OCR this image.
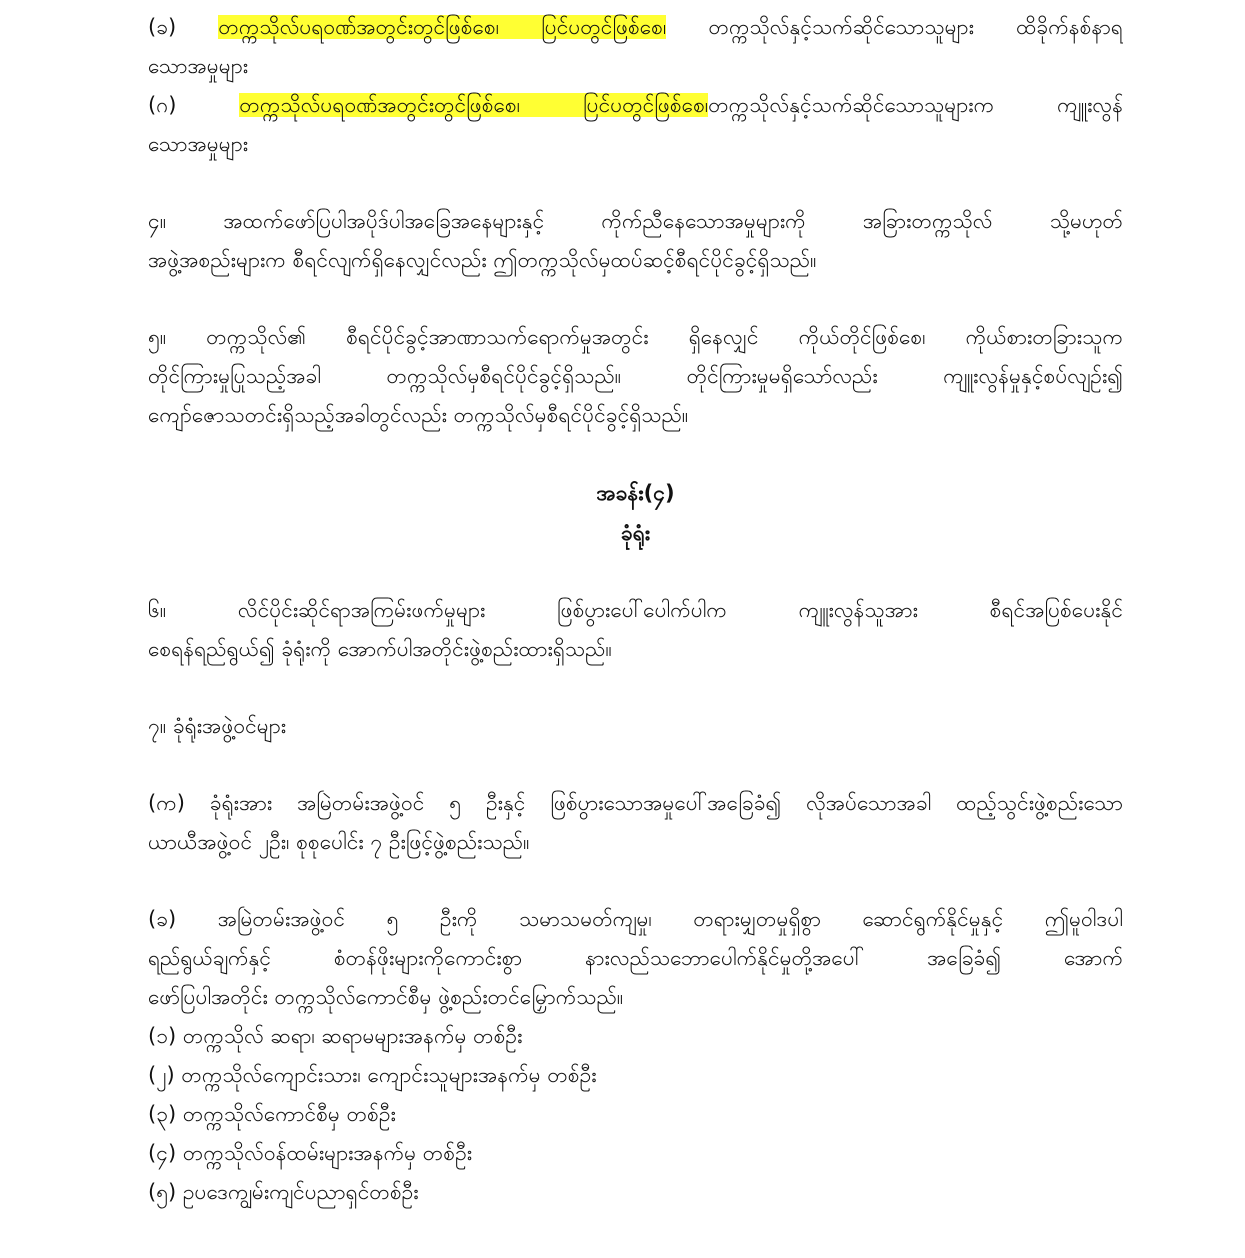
(ခ) တက္ကသိုလ်ပရဝဏ်အတွင်းတွင်ဖြစ်စေ၊ ပြင်ပတွင်ဖြစ်စေ၊ တက္ကသိုလ်နှင့်သက်ဆိုင်သောသူများ ထိခိုက်နစ်နာရ
သောအမှုများ
(ဂ) တက္ကသိုလ်ပရဝဏ်အတွင်းတွင်ဖြစ်စေ၊ ပြင်ပတွင်ဖြစ်စေ၊တက္ကသိုလ်နှင့်သက်ဆိုင်သောသူများက ကျူးလွန်
သောအမှုများ
၄။ အထက်ဖော်ပြပါအပိုဒ်ပါအခြေအနေများနှင့် ကိုက်ညီနေသောအမှုများကို အခြားတက္ကသိုလ် သို့မဟုတ်
အဖွဲ့အစည်းများက စီရင်လျက်ရှိနေလျှင်လည်း ဤတက္ကသိုလ်မှထပ်ဆင့်စီရင်ပိုင်ခွင့်ရှိသည်။
၅။ တက္ကသိုလ်၏ စီရင်ပိုင်ခွင့်အာဏာသက်ရောက်မှုအတွင်း ရှိနေလျှင် ကိုယ်တိုင်ဖြစ်စေ၊ ကိုယ်စားတခြားသူက
တိုင်ကြားမှုပြုသည့်အခါ တက္ကသိုလ်မှစီရင်ပိုင်ခွင့်ရှိသည်။ တိုင်ကြားမှုမရှိသော်လည်း ကျူးလွန်မှုနှင့်စပ်လျဉ်း၍
ကျော်ဇောသတင်းရှိသည့်အခါတွင်လည်း တက္ကသိုလ်မှစီရင်ပိုင်ခွင့်ရှိသည်။
အခန်း(၄)
ခုံရုံး
၆။ လိင်ပိုင်းဆိုင်ရာအကြမ်းဖက်မှုများ ဖြစ်ပွားပေါ်ပေါက်ပါက ကျူးလွန်သူအား စီရင်အပြစ်ပေးနိုင်
စေရန်ရည်ရွယ်၍ ခုံရုံးကို အောက်ပါအတိုင်းဖွဲ့စည်းထားရှိသည်။
၇။ ခုံရုံးအဖွဲ့ဝင်များ
(က) ခုံရုံးအား အမြဲတမ်းအဖွဲ့ဝင် ၅ ဦးနှင့် ဖြစ်ပွားသောအမှုပေါ်အခြေခံ၍ လိုအပ်သောအခါ ထည့်သွင်းဖွဲ့စည်းသော
ယာယီအဖွဲ့ဝင် ၂ဦး၊ စုစုပေါင်း ၇ ဦးဖြင့်ဖွဲ့စည်းသည်။
(ခ) အမြဲတမ်းအဖွဲ့ဝင် ၅ ဦးကို သမာသမတ်ကျမှု၊ တရားမျှတမှုရှိစွာ ဆောင်ရွက်နိုင်မှုနှင့် ဤမူဝါဒပါ
ရည်ရွယ်ချက်နှင့် စံတန်ဖိုးများကိုကောင်းစွာ နားလည်သဘောပေါက်နိုင်မှုတို့အပေါ် အခြေခံ၍ အောက်
ဖော်ပြပါအတိုင်း တက္ကသိုလ်ကောင်စီမှ ဖွဲ့စည်းတင်မြှောက်သည်။
(၁) တက္ကသိုလ် ဆရာ၊ ဆရာမများအနက်မှ တစ်ဦး
(၂) တက္ကသိုလ်ကျောင်းသား၊ ကျောင်းသူများအနက်မှ တစ်ဦး
(၃) တက္ကသိုလ်ကောင်စီမှ တစ်ဦး
(၄) တက္ကသိုလ်ဝန်ထမ်းများအနက်မှ တစ်ဦး
(၅) ဥပဒေကျွမ်းကျင်ပညာရှင်တစ်ဦး
